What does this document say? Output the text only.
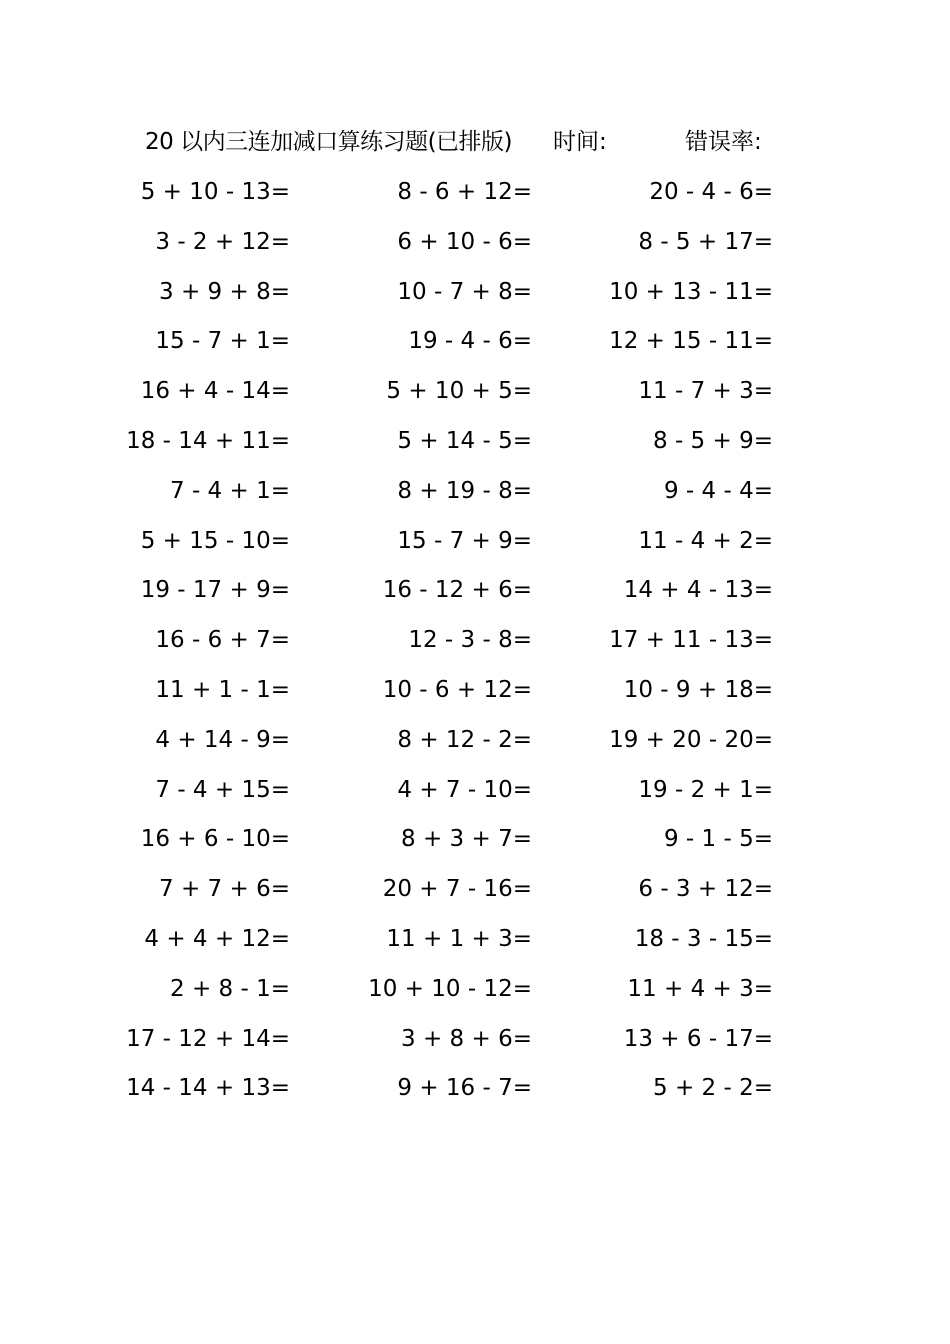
20 以内三连加减口算练习题(已排版) 时间:	错误率:
5 + 10 - 13=	8 - 6 + 12=	20 - 4 - 6=
3 - 2 + 12=	6 + 10 - 6=	8 - 5 + 17=
3 + 9 + 8=	10 - 7 + 8=	10 + 13 - 11=
15 - 7 + 1=	19 - 4 - 6=	12 + 15 - 11=
16 + 4 - 14=	5 + 10 + 5=	11 - 7 + 3=
18 - 14 + 11=	5 + 14 - 5=	8 - 5 + 9=
7 - 4 + 1=	8 + 19 - 8=	9 - 4 - 4=
5 + 15 - 10=	15 - 7 + 9=	11 - 4 + 2=
19 - 17 + 9=	16 - 12 + 6=	14 + 4 - 13=
16 - 6 + 7=	12 - 3 - 8=	17 + 11 - 13=
11 + 1 - 1=	10 - 6 + 12=	10 - 9 + 18=
4 + 14 - 9=	8 + 12 - 2=	19 + 20 - 20=
7 - 4 + 15=	4 + 7 - 10=	19 - 2 + 1=
16 + 6 - 10=	8 + 3 + 7=	9 - 1 - 5=
7 + 7 + 6=	20 + 7 - 16=	6 - 3 + 12=
4 + 4 + 12=	11 + 1 + 3=	18 - 3 - 15=
2 + 8 - 1=	10 + 10 - 12=	11 + 4 + 3=
17 - 12 + 14=	3 + 8 + 6=	13 + 6 - 17=
14 - 14 + 13=	9 + 16 - 7=	5 + 2 - 2=
